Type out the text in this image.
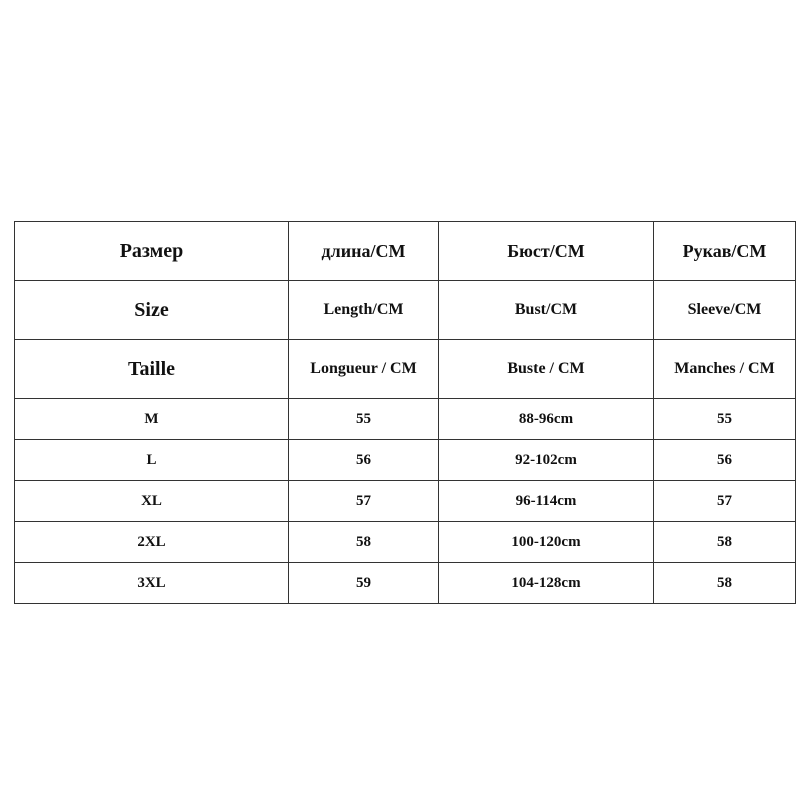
Размер	длина/CM	Бюст/CM	Рукав/CM
Size	Length/CM	Bust/CM	Sleeve/CM
Taille	Longueur / CM	Buste / CM	Manches / CM
M	55	88-96cm	55
L	56	92-102cm	56
XL	57	96-114cm	57
2XL	58	100-120cm	58
3XL	59	104-128cm	58
